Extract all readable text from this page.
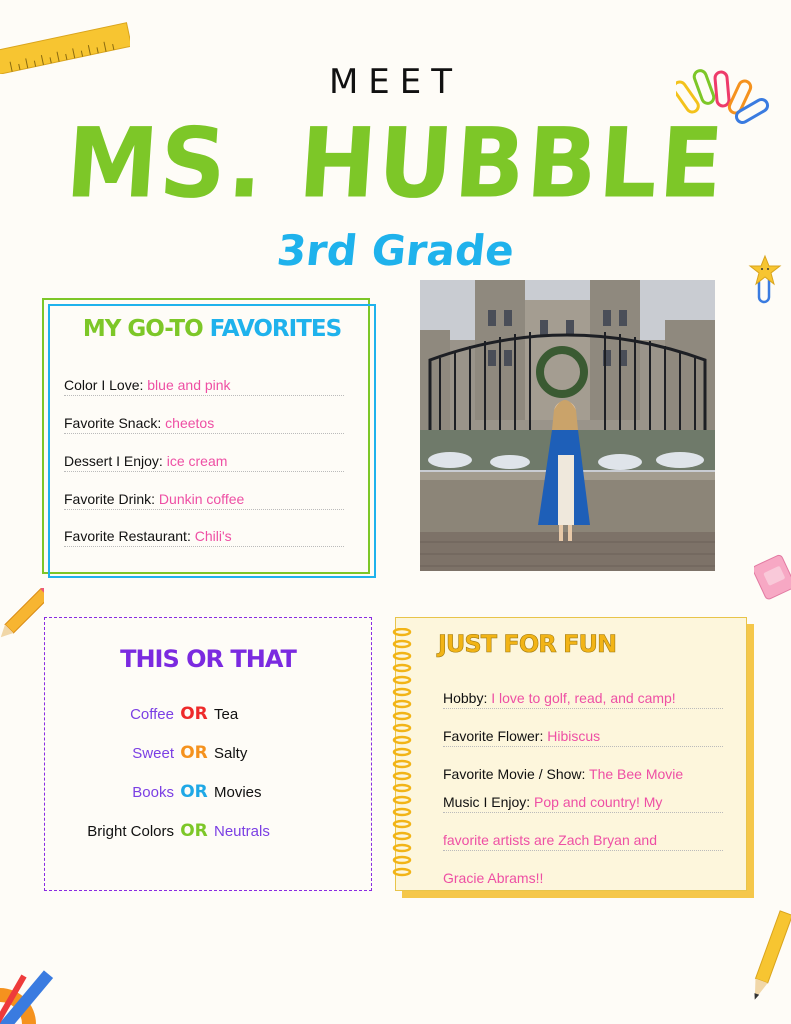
MEET
MS. HUBBLE
3rd Grade
MY GO-TO FAVORITES
Color I Love: blue and pink
Favorite Snack: cheetos
Dessert I Enjoy: ice cream
Favorite Drink: Dunkin coffee
Favorite Restaurant: Chili's
THIS OR THAT
Coffee OR Tea
Sweet OR Salty
Books OR Movies
Bright Colors OR Neutrals
JUST FOR FUN
Hobby: I love to golf, read, and camp!
Favorite Flower: Hibiscus
Favorite Movie / Show: The Bee Movie
Music I Enjoy: Pop and country! My
favorite artists are Zach Bryan and
Gracie Abrams!!
